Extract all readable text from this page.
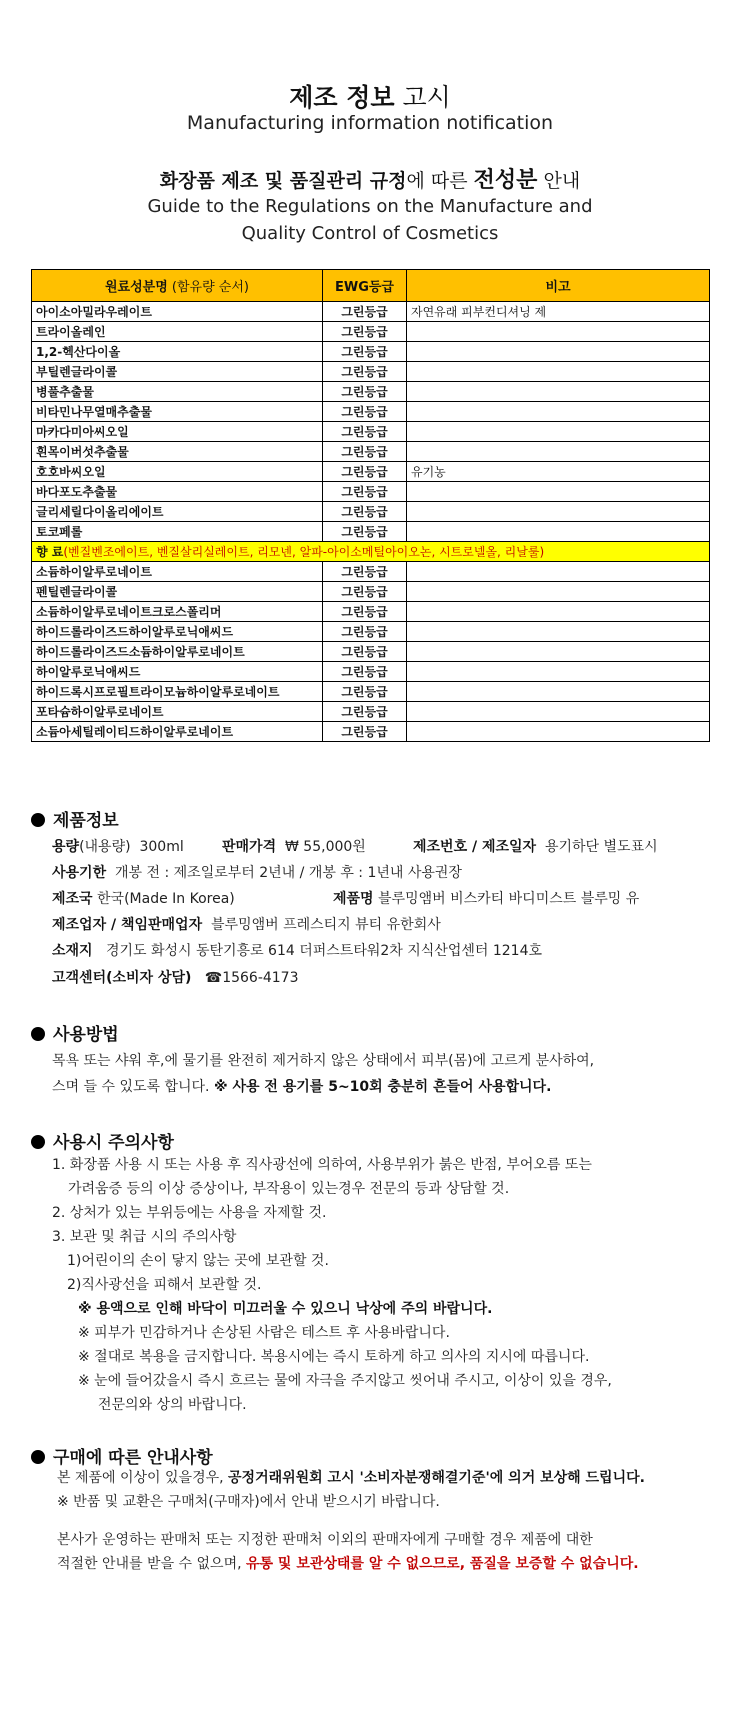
제조 정보 고시
Manufacturing information notification
화장품 제조 및 품질관리 규정에 따른 전성분 안내
Guide to the Regulations on the Manufacture and
Quality Control of Cosmetics
원료성분명 (함유량 순서)	EWG등급	비고
아이소아밀라우레이트	그린등급	자연유래 피부컨디셔닝 제
트라이올레인	그린등급	
1,2-헥산다이올	그린등급	
부틸렌글라이콜	그린등급	
병풀추출물	그린등급	
비타민나무열매추출물	그린등급	
마카다미아씨오일	그린등급	
흰목이버섯추출물	그린등급	
호호바씨오일	그린등급	유기농
바다포도추출물	그린등급	
글리세릴다이올리에이트	그린등급	
토코페롤	그린등급	
향 료(벤질벤조에이트, 벤질살리실레이트, 리모넨, 알파-아이소메틸아이오논, 시트로넬올, 리날룰)		
소듐하이알루로네이트	그린등급	
펜틸렌글라이콜	그린등급	
소듐하이알루로네이트크로스폴리머	그린등급	
하이드롤라이즈드하이알루로닉애씨드	그린등급	
하이드롤라이즈드소듐하이알루로네이트	그린등급	
하이알루로닉애씨드	그린등급	
하이드록시프로필트라이모늄하이알루로네이트	그린등급	
포타슘하이알루로네이트	그린등급	
소듐아세틸레이티드하이알루로네이트	그린등급	
제품정보
용량(내용량) 300ml	판매가격 ₩ 55,000원	제조번호 / 제조일자 용기하단 별도표시
사용기한 개봉 전 : 제조일로부터 2년내 / 개봉 후 : 1년내 사용권장
제조국 한국(Made In Korea)	제품명 블루밍앰버 비스카티 바디미스트 블루밍 유
제조업자 / 책임판매업자 블루밍앰버 프레스티지 뷰티 유한회사
소재지 경기도 화성시 동탄기흥로 614 더퍼스트타워2차 지식산업센터 1214호
고객센터(소비자 상담) ☎1566-4173
사용방법
목욕 또는 샤워 후,에 물기를 완전히 제거하지 않은 상태에서 피부(몸)에 고르게 분사하여,
스며 들 수 있도록 합니다. ※ 사용 전 용기를 5~10회 충분히 흔들어 사용합니다.
사용시 주의사항
1. 화장품 사용 시 또는 사용 후 직사광선에 의하여, 사용부위가 붉은 반점, 부어오름 또는
가려움증 등의 이상 증상이나, 부작용이 있는경우 전문의 등과 상담할 것.
2. 상처가 있는 부위등에는 사용을 자제할 것.
3. 보관 및 취급 시의 주의사항
1)어린이의 손이 닿지 않는 곳에 보관할 것.
2)직사광선을 피해서 보관할 것.
※ 용액으로 인해 바닥이 미끄러울 수 있으니 낙상에 주의 바랍니다.
※ 피부가 민감하거나 손상된 사람은 테스트 후 사용바랍니다.
※ 절대로 복용을 금지합니다. 복용시에는 즉시 토하게 하고 의사의 지시에 따릅니다.
※ 눈에 들어갔을시 즉시 흐르는 물에 자극을 주지않고 씻어내 주시고, 이상이 있을 경우,
전문의와 상의 바랍니다.
구매에 따른 안내사항
본 제품에 이상이 있을경우, 공정거래위원회 고시 '소비자분쟁해결기준'에 의거 보상해 드립니다.
※ 반품 및 교환은 구매처(구매자)에서 안내 받으시기 바랍니다.
본사가 운영하는 판매처 또는 지정한 판매처 이외의 판매자에게 구매할 경우 제품에 대한
적절한 안내를 받을 수 없으며, 유통 및 보관상태를 알 수 없으므로, 품질을 보증할 수 없습니다.
